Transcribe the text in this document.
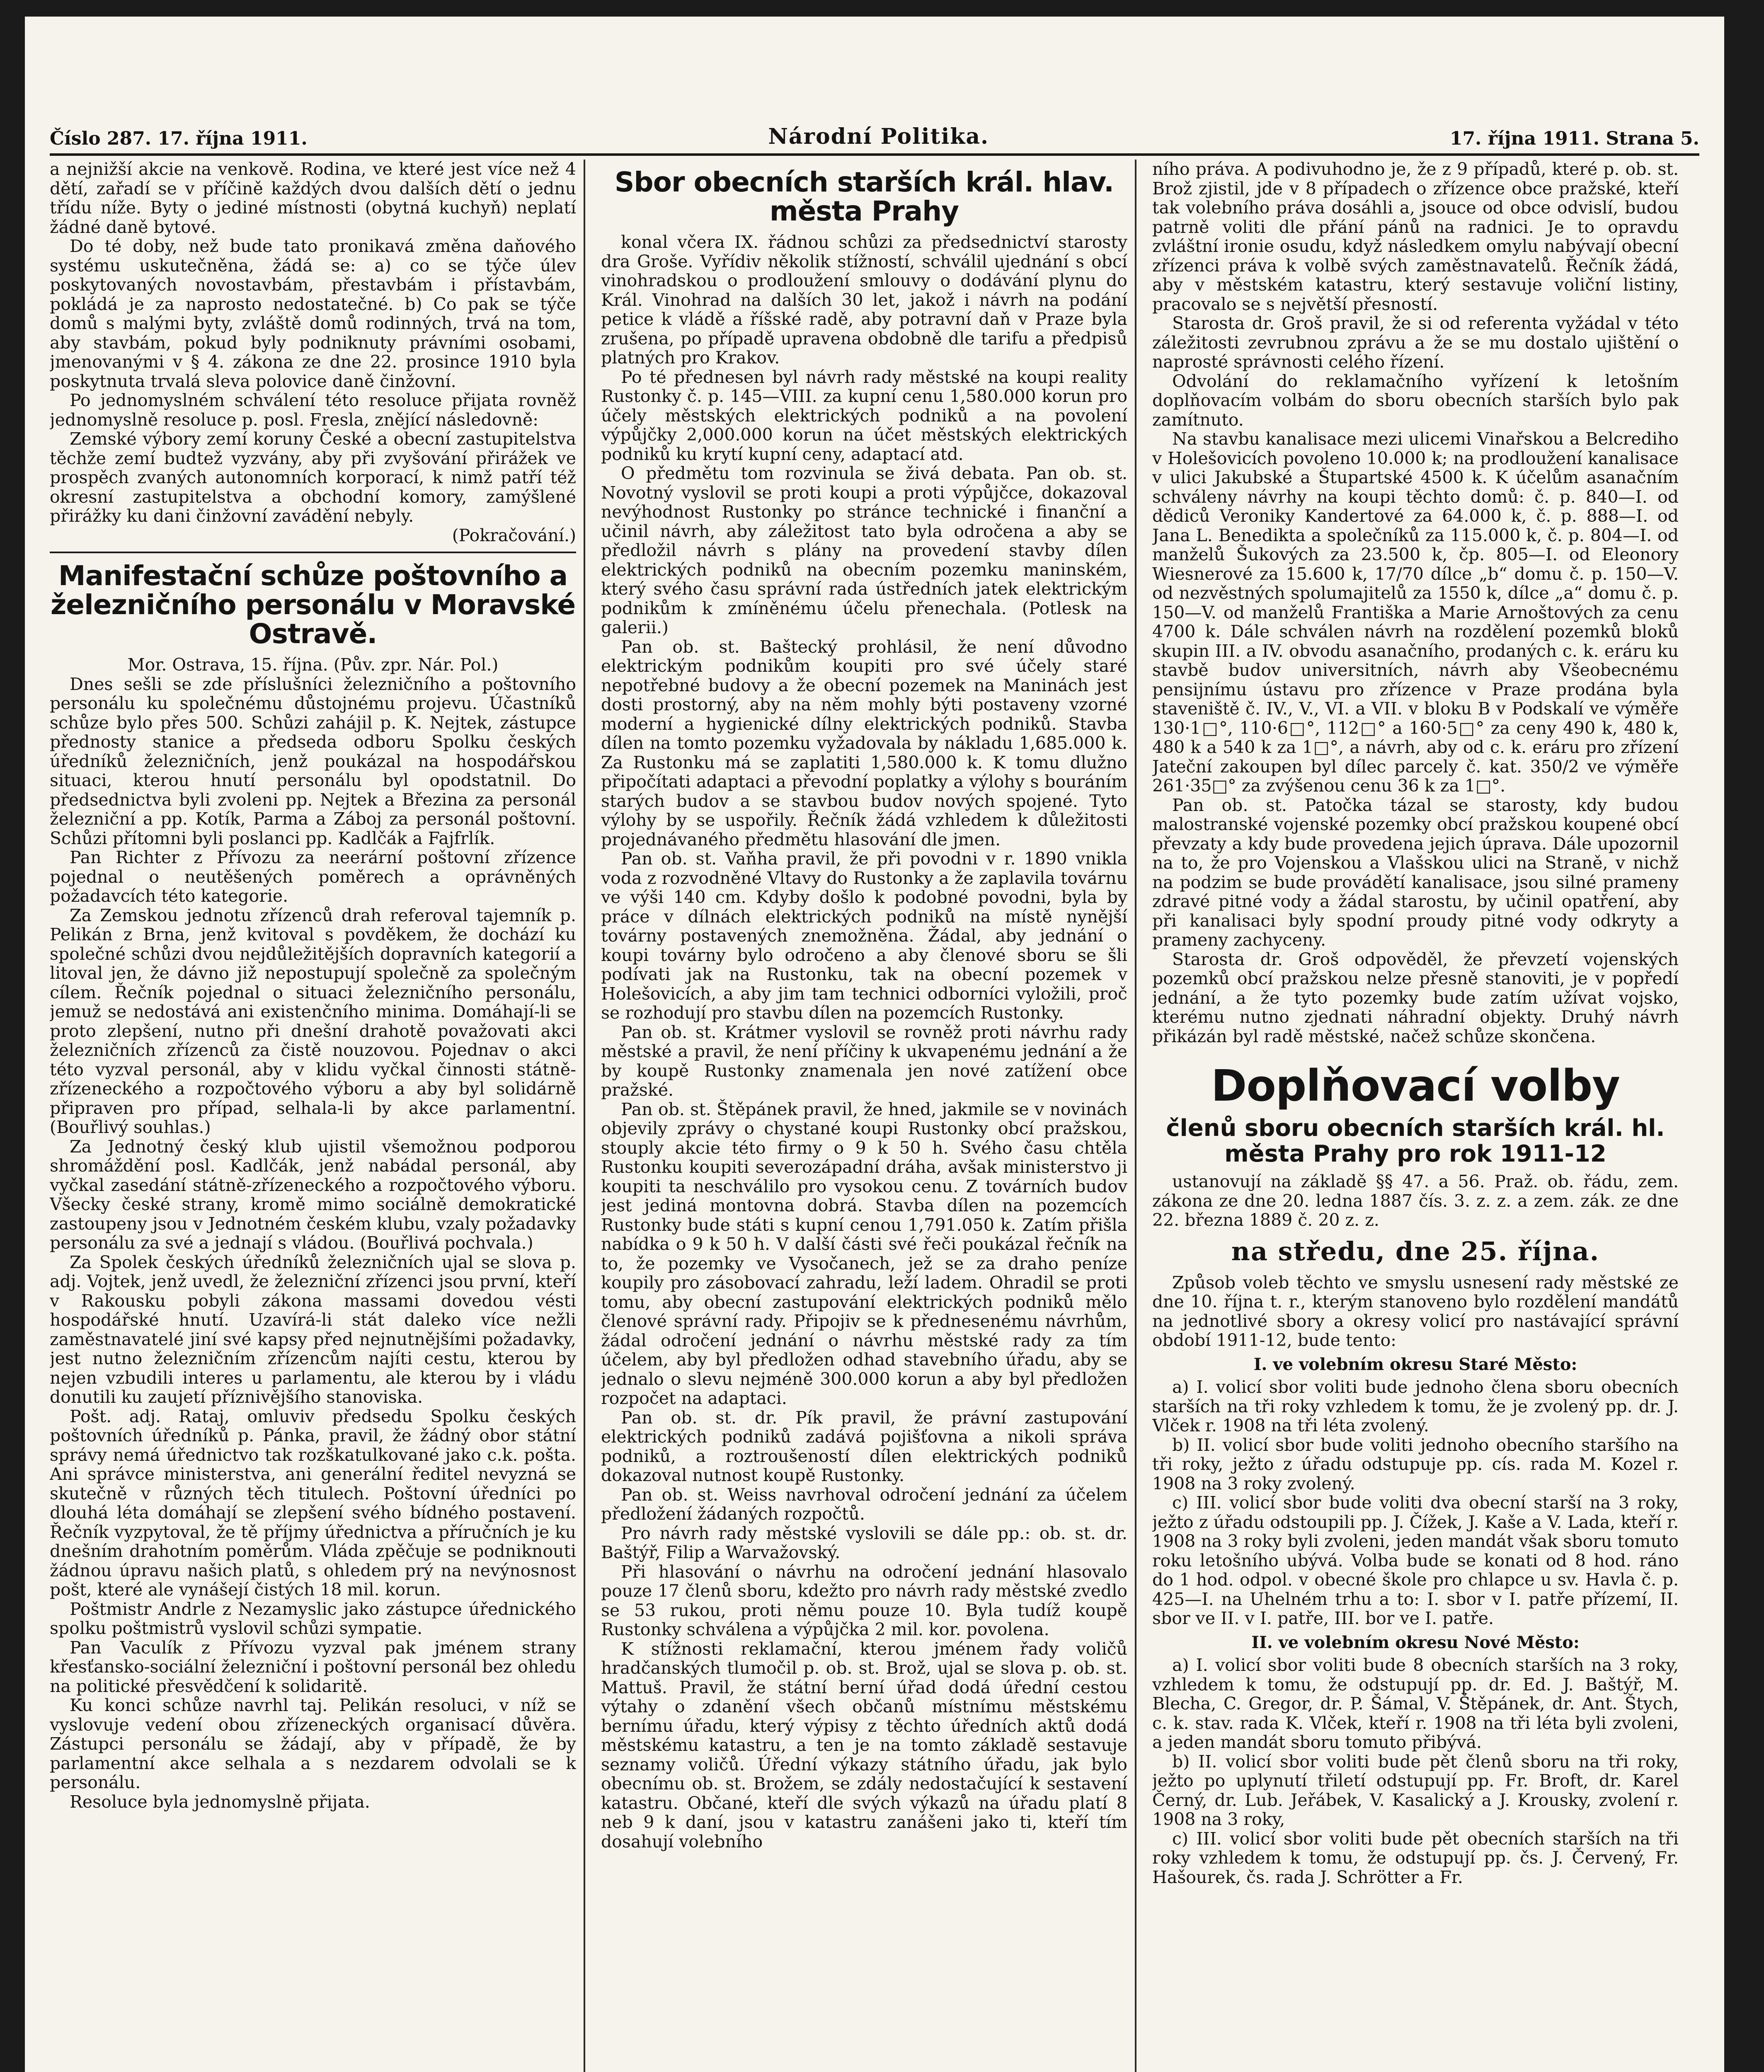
Číslo 287. 17. října 1911.	Národní Politika.	17. října 1911. Strana 5.

a nejnižší akcie na venkově. Rodina, ve které jest více než 4 dětí, zařadí se v příčině každých dvou dalších dětí o jednu třídu níže. Byty o jediné místnosti (obytná kuchyň) neplatí žádné daně bytové.

Do té doby, než bude tato pronikavá změna daňového systému uskutečněna, žádá se: a) co se týče úlev poskytovaných novostavbám, přestavbám i přístavbám, pokládá je za naprosto nedostatečné. b) Co pak se týče domů s malými byty, zvláště domů rodinných, trvá na tom, aby stavbám, pokud byly podniknuty právními osobami, jmenovanými v § 4. zákona ze dne 22. prosince 1910 byla poskytnuta trvalá sleva polovice daně činžovní.

Po jednomyslném schválení této resoluce přijata rovněž jednomyslně resoluce p. posl. Fresla, znějící následovně:

Zemské výbory zemí koruny České a obecní zastupitelstva těchže zemí budtež vyzvány, aby při zvyšování přirážek ve prospěch zvaných autonomních korporací, k nimž patří též okresní zastupitelstva a obchodní komory, zamýšlené přirážky ku dani činžovní zavádění nebyly.

(Pokračování.)

Manifestační schůze poštovního a železničního personálu v Moravské Ostravě.

Mor. Ostrava, 15. října. (Pův. zpr. Nár. Pol.)

Dnes sešli se zde příslušníci železničního a poštovního personálu ku společnému důstojnému projevu. Účastníků schůze bylo přes 500. Schůzi zahájil p. K. Nejtek, zástupce přednosty stanice a předseda odboru Spolku českých úředníků železničních, jenž poukázal na hospodářskou situaci, kterou hnutí personálu byl opodstatnil. Do předsednictva byli zvoleni pp. Nejtek a Březina za personál železniční a pp. Kotík, Parma a Záboj za personál poštovní. Schůzi přítomni byli poslanci pp. Kadlčák a Fajfrlík.

Pan Richter z Přívozu za neerární poštovní zřízence pojednal o neutěšených poměrech a oprávněných požadavcích této kategorie.

Za Zemskou jednotu zřízenců drah referoval tajemník p. Pelikán z Brna, jenž kvitoval s povděkem, že dochází ku společné schůzi dvou nejdůležitějších dopravních kategorií a litoval jen, že dávno již nepostupují společně za společným cílem. Řečník pojednal o situaci železničního personálu, jemuž se nedostává ani existenčního minima. Domáhají-li se proto zlepšení, nutno při dnešní drahotě považovati akci železničních zřízenců za čistě nouzovou. Pojednav o akci této vyzval personál, aby v klidu vyčkal činnosti státně-zřízeneckého a rozpočtového výboru a aby byl solidárně připraven pro případ, selhala-li by akce parlamentní. (Bouřlivý souhlas.)

Za Jednotný český klub ujistil všemožnou podporou shromáždění posl. Kadlčák, jenž nabádal personál, aby vyčkal zasedání státně-zřízeneckého a rozpočtového výboru. Všecky české strany, kromě mimo sociálně demokratické zastoupeny jsou v Jednotném českém klubu, vzaly požadavky personálu za své a jednají s vládou. (Bouřlivá pochvala.)

Za Spolek českých úředníků železničních ujal se slova p. adj. Vojtek, jenž uvedl, že železniční zřízenci jsou první, kteří v Rakousku pobyli zákona massami dovedou vésti hospodářské hnutí. Uzavírá-li stát daleko více nežli zaměstnavatelé jiní své kapsy před nejnutnějšími požadavky, jest nutno železničním zřízencům najíti cestu, kterou by nejen vzbudili interes u parlamentu, ale kterou by i vládu donutili ku zaujetí příznivějšího stanoviska.

Pošt. adj. Rataj, omluviv předsedu Spolku českých poštovních úředníků p. Pánka, pravil, že žádný obor státní správy nemá úřednictvo tak rozškatulkované jako c.k. pošta. Ani správce ministerstva, ani generální ředitel nevyzná se skutečně v různých těch titulech. Poštovní úředníci po dlouhá léta domáhají se zlepšení svého bídného postavení. Řečník vyzpytoval, že tě příjmy úřednictva a příručních je ku dnešním drahotním poměrům. Vláda zpěčuje se podniknouti žádnou úpravu našich platů, s ohledem prý na nevýnosnost pošt, které ale vynášejí čistých 18 mil. korun.

Poštmistr Andrle z Nezamyslic jako zástupce úřednického spolku poštmistrů vyslovil schůzi sympatie.

Pan Vaculík z Přívozu vyzval pak jménem strany křesťansko-sociální železniční i poštovní personál bez ohledu na politické přesvědčení k solidaritě.

Ku konci schůze navrhl taj. Pelikán resoluci, v níž se vyslovuje vedení obou zřízeneckých organisací důvěra. Zástupci personálu se žádají, aby v případě, že by parlamentní akce selhala a s nezdarem odvolali se k personálu.

Resoluce byla jednomyslně přijata.

Sbor obecních starších král. hlav. města Prahy

konal včera IX. řádnou schůzi za předsednictví starosty dra Groše. Vyřídiv několik stížností, schválil ujednání s obcí vinohradskou o prodloužení smlouvy o dodávání plynu do Král. Vinohrad na dalších 30 let, jakož i návrh na podání petice k vládě a říšské radě, aby potravní daň v Praze byla zrušena, po případě upravena obdobně dle tarifu a předpisů platných pro Krakov.

Po té přednesen byl návrh rady městské na koupi reality Rustonky č. p. 145—VIII. za kupní cenu 1,580.000 korun pro účely městských elektrických podniků a na povolení výpůjčky 2,000.000 korun na účet městských elektrických podniků ku krytí kupní ceny, adaptací atd.

O předmětu tom rozvinula se živá debata. Pan ob. st. Novotný vyslovil se proti koupi a proti výpůjčce, dokazoval nevýhodnost Rustonky po stránce technické i finanční a učinil návrh, aby záležitost tato byla odročena a aby se předložil návrh s plány na provedení stavby dílen elektrických podniků na obecním pozemku maninském, který svého času správní rada ústředních jatek elektrickým podnikům k zmíněnému účelu přenechala. (Potlesk na galerii.)

Pan ob. st. Baštecký prohlásil, že není důvodno elektrickým podnikům koupiti pro své účely staré nepotřebné budovy a že obecní pozemek na Maninách jest dosti prostorný, aby na něm mohly býti postaveny vzorné moderní a hygienické dílny elektrických podniků. Stavba dílen na tomto pozemku vyžadovala by nákladu 1,685.000 k. Za Rustonku má se zaplatiti 1,580.000 k. K tomu dlužno připočítati adaptaci a převodní poplatky a výlohy s bouráním starých budov a se stavbou budov nových spojené. Tyto výlohy by se uspořily. Řečník žádá vzhledem k důležitosti projednávaného předmětu hlasování dle jmen.

Pan ob. st. Vaňha pravil, že při povodni v r. 1890 vnikla voda z rozvodněné Vltavy do Rustonky a že zaplavila továrnu ve výši 140 cm. Kdyby došlo k podobné povodni, byla by práce v dílnách elektrických podniků na místě nynější továrny postavených znemožněna. Žádal, aby jednání o koupi továrny bylo odročeno a aby členové sboru se šli podívati jak na Rustonku, tak na obecní pozemek v Holešovicích, a aby jim tam technici odborníci vyložili, proč se rozhodují pro stavbu dílen na pozemcích Rustonky.

Pan ob. st. Krátmer vyslovil se rovněž proti návrhu rady městské a pravil, že není příčiny k ukvapenému jednání a že by koupě Rustonky znamenala jen nové zatížení obce pražské.

Pan ob. st. Štěpánek pravil, že hned, jakmile se v novinách objevily zprávy o chystané koupi Rustonky obcí pražskou, stouply akcie této firmy o 9 k 50 h. Svého času chtěla Rustonku koupiti severozápadní dráha, avšak ministerstvo ji koupiti ta neschválilo pro vysokou cenu. Z továrních budov jest jediná montovna dobrá. Stavba dílen na pozemcích Rustonky bude státi s kupní cenou 1,791.050 k. Zatím přišla nabídka o 9 k 50 h. V další části své řeči poukázal řečník na to, že pozemky ve Vysočanech, jež se za draho peníze koupily pro zásobovací zahradu, leží ladem. Ohradil se proti tomu, aby obecní zastupování elektrických podniků mělo členové správní rady. Připojiv se k přednesenému návrhům, žádal odročení jednání o návrhu městské rady za tím účelem, aby byl předložen odhad stavebního úřadu, aby se jednalo o slevu nejméně 300.000 korun a aby byl předložen rozpočet na adaptaci.

Pan ob. st. dr. Pík pravil, že právní zastupování elektrických podniků zadává pojišťovna a nikoli správa podniků, a roztroušeností dílen elektrických podniků dokazoval nutnost koupě Rustonky.

Pan ob. st. Weiss navrhoval odročení jednání za účelem předložení žádaných rozpočtů.

Pro návrh rady městské vyslovili se dále pp.: ob. st. dr. Baštýř, Filip a Warvažovský.

Při hlasování o návrhu na odročení jednání hlasovalo pouze 17 členů sboru, kdežto pro návrh rady městské zvedlo se 53 rukou, proti němu pouze 10. Byla tudíž koupě Rustonky schválena a výpůjčka 2 mil. kor. povolena.

K stížnosti reklamační, kterou jménem řady voličů hradčanských tlumočil p. ob. st. Brož, ujal se slova p. ob. st. Mattuš. Pravil, že státní berní úřad dodá úřední cestou výtahy o zdanění všech občanů místnímu městskému bernímu úřadu, který výpisy z těchto úředních aktů dodá městskému katastru, a ten je na tomto základě sestavuje seznamy voličů. Úřední výkazy státního úřadu, jak bylo obecnímu ob. st. Brožem, se zdály nedostačující k sestavení katastru. Občané, kteří dle svých výkazů na úřadu platí 8 neb 9 k daní, jsou v katastru zanášeni jako ti, kteří tím dosahují volebního

ního práva. A podivuhodno je, že z 9 případů, které p. ob. st. Brož zjistil, jde v 8 případech o zřízence obce pražské, kteří tak volebního práva dosáhli a, jsouce od obce odvislí, budou patrně voliti dle přání pánů na radnici. Je to opravdu zvláštní ironie osudu, když následkem omylu nabývají obecní zřízenci práva k volbě svých zaměstnavatelů. Řečník žádá, aby v městském katastru, který sestavuje voliční listiny, pracovalo se s největší přesností.

Starosta dr. Groš pravil, že si od referenta vyžádal v této záležitosti zevrubnou zprávu a že se mu dostalo ujištění o naprosté správnosti celého řízení.

Odvolání do reklamačního vyřízení k letošním doplňovacím volbám do sboru obecních starších bylo pak zamítnuto.

Na stavbu kanalisace mezi ulicemi Vinařskou a Belcrediho v Holešovicích povoleno 10.000 k; na prodloužení kanalisace v ulici Jakubské a Štupartské 4500 k. K účelům asanačním schváleny návrhy na koupi těchto domů: č. p. 840—I. od dědiců Veroniky Kandertové za 64.000 k, č. p. 888—I. od Jana L. Benedikta a společníků za 115.000 k, č. p. 804—I. od manželů Šukových za 23.500 k, čp. 805—I. od Eleonory Wiesnerové za 15.600 k, 17/70 dílce „b“ domu č. p. 150—V. od nezvěstných spolumajitelů za 1550 k, dílce „a“ domu č. p. 150—V. od manželů Františka a Marie Arnoštových za cenu 4700 k. Dále schválen návrh na rozdělení pozemků bloků skupin III. a IV. obvodu asanačního, prodaných c. k. eráru ku stavbě budov universitních, návrh aby Všeobecnému pensijnímu ústavu pro zřízence v Praze prodána byla staveniště č. IV., V., VI. a VII. v bloku B v Podskalí ve výměře 130·1□°, 110·6□°, 112□° a 160·5□° za ceny 490 k, 480 k, 480 k a 540 k za 1□°, a návrh, aby od c. k. eráru pro zřízení Jateční zakoupen byl dílec parcely č. kat. 350/2 ve výměře 261·35□° za zvýšenou cenu 36 k za 1□°.

Pan ob. st. Patočka tázal se starosty, kdy budou malostranské vojenské pozemky obcí pražskou koupené obcí převzaty a kdy bude provedena jejich úprava. Dále upozornil na to, že pro Vojenskou a Vlašskou ulici na Straně, v nichž na podzim se bude provádětí kanalisace, jsou silné prameny zdravé pitné vody a žádal starostu, by učinil opatření, aby při kanalisaci byly spodní proudy pitné vody odkryty a prameny zachyceny.

Starosta dr. Groš odpověděl, že převzetí vojenských pozemků obcí pražskou nelze přesně stanoviti, je v popředí jednání, a že tyto pozemky bude zatím užívat vojsko, kterému nutno zjednati náhradní objekty. Druhý návrh přikázán byl radě městské, načež schůze skončena.

Doplňovací volby
členů sboru obecních starších král. hl. města Prahy pro rok 1911-12

ustanovují na základě §§ 47. a 56. Praž. ob. řádu, zem. zákona ze dne 20. ledna 1887 čís. 3. z. z. a zem. zák. ze dne 22. března 1889 č. 20 z. z.

na středu, dne 25. října.

Způsob voleb těchto ve smyslu usnesení rady městské ze dne 10. října t. r., kterým stanoveno bylo rozdělení mandátů na jednotlivé sbory a okresy volicí pro nastávající správní období 1911-12, bude tento:

I. ve volebním okresu Staré Město:

a) I. volicí sbor voliti bude jednoho člena sboru obecních starších na tři roky vzhledem k tomu, že je zvolený pp. dr. J. Vlček r. 1908 na tři léta zvolený.

b) II. volicí sbor bude voliti jednoho obecního staršího na tři roky, ježto z úřadu odstupuje pp. cís. rada M. Kozel r. 1908 na 3 roky zvolený.

c) III. volicí sbor bude voliti dva obecní starší na 3 roky, ježto z úřadu odstoupili pp. J. Čížek, J. Kaše a V. Lada, kteří r. 1908 na 3 roky byli zvoleni, jeden mandát však sboru tomuto roku letošního ubývá. Volba bude se konati od 8 hod. ráno do 1 hod. odpol. v obecné škole pro chlapce u sv. Havla č. p. 425—I. na Uhelném trhu a to: I. sbor v I. patře přízemí, II. sbor ve II. v I. patře, III. bor ve I. patře.

II. ve volebním okresu Nové Město:

a) I. volicí sbor voliti bude 8 obecních starších na 3 roky, vzhledem k tomu, že odstupují pp. dr. Ed. J. Baštýř, M. Blecha, C. Gregor, dr. P. Šámal, V. Štěpánek, dr. Ant. Štych, c. k. stav. rada K. Vlček, kteří r. 1908 na tři léta byli zvoleni, a jeden mandát sboru tomuto přibývá.

b) II. volicí sbor voliti bude pět členů sboru na tři roky, ježto po uplynutí třiletí odstupují pp. Fr. Broft, dr. Karel Černý, dr. Lub. Jeřábek, V. Kasalický a J. Krousky, zvolení r. 1908 na 3 roky,

c) III. volicí sbor voliti bude pět obecních starších na tři roky vzhledem k tomu, že odstupují pp. čs. J. Červený, Fr. Hašourek, čs. rada J. Schrötter a Fr.
